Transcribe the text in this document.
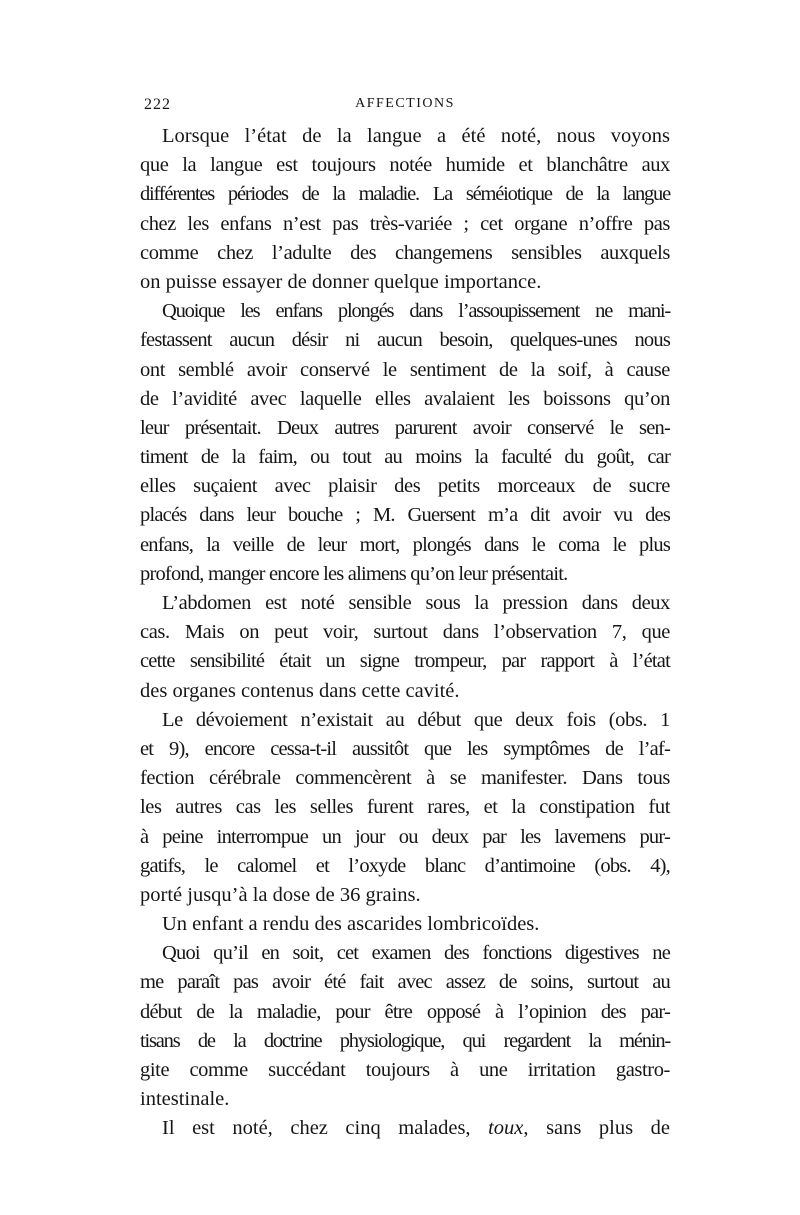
222	AFFECTIONS
Lorsque l’état de la langue a été noté, nous voyons
que la langue est toujours notée humide et blanchâtre aux
différentes périodes de la maladie. La séméiotique de la langue
chez les enfans n’est pas très-variée ; cet organe n’offre pas
comme chez l’adulte des changemens sensibles auxquels
on puisse essayer de donner quelque importance.
Quoique les enfans plongés dans l’assoupissement ne mani-
festassent aucun désir ni aucun besoin, quelques-unes nous
ont semblé avoir conservé le sentiment de la soif, à cause
de l’avidité avec laquelle elles avalaient les boissons qu’on
leur présentait. Deux autres parurent avoir conservé le sen-
timent de la faim, ou tout au moins la faculté du goût, car
elles suçaient avec plaisir des petits morceaux de sucre
placés dans leur bouche ; M. Guersent m’a dit avoir vu des
enfans, la veille de leur mort, plongés dans le coma le plus
profond, manger encore les alimens qu’on leur présentait.
L’abdomen est noté sensible sous la pression dans deux
cas. Mais on peut voir, surtout dans l’observation 7, que
cette sensibilité était un signe trompeur, par rapport à l’état
des organes contenus dans cette cavité.
Le dévoiement n’existait au début que deux fois (obs. 1
et 9), encore cessa-t-il aussitôt que les symptômes de l’af-
fection cérébrale commencèrent à se manifester. Dans tous
les autres cas les selles furent rares, et la constipation fut
à peine interrompue un jour ou deux par les lavemens pur-
gatifs, le calomel et l’oxyde blanc d’antimoine (obs. 4),
porté jusqu’à la dose de 36 grains.
Un enfant a rendu des ascarides lombricoïdes.
Quoi qu’il en soit, cet examen des fonctions digestives ne
me paraît pas avoir été fait avec assez de soins, surtout au
début de la maladie, pour être opposé à l’opinion des par-
tisans de la doctrine physiologique, qui regardent la ménin-
gite comme succédant toujours à une irritation gastro-
intestinale.
Il est noté, chez cinq malades, toux, sans plus de
